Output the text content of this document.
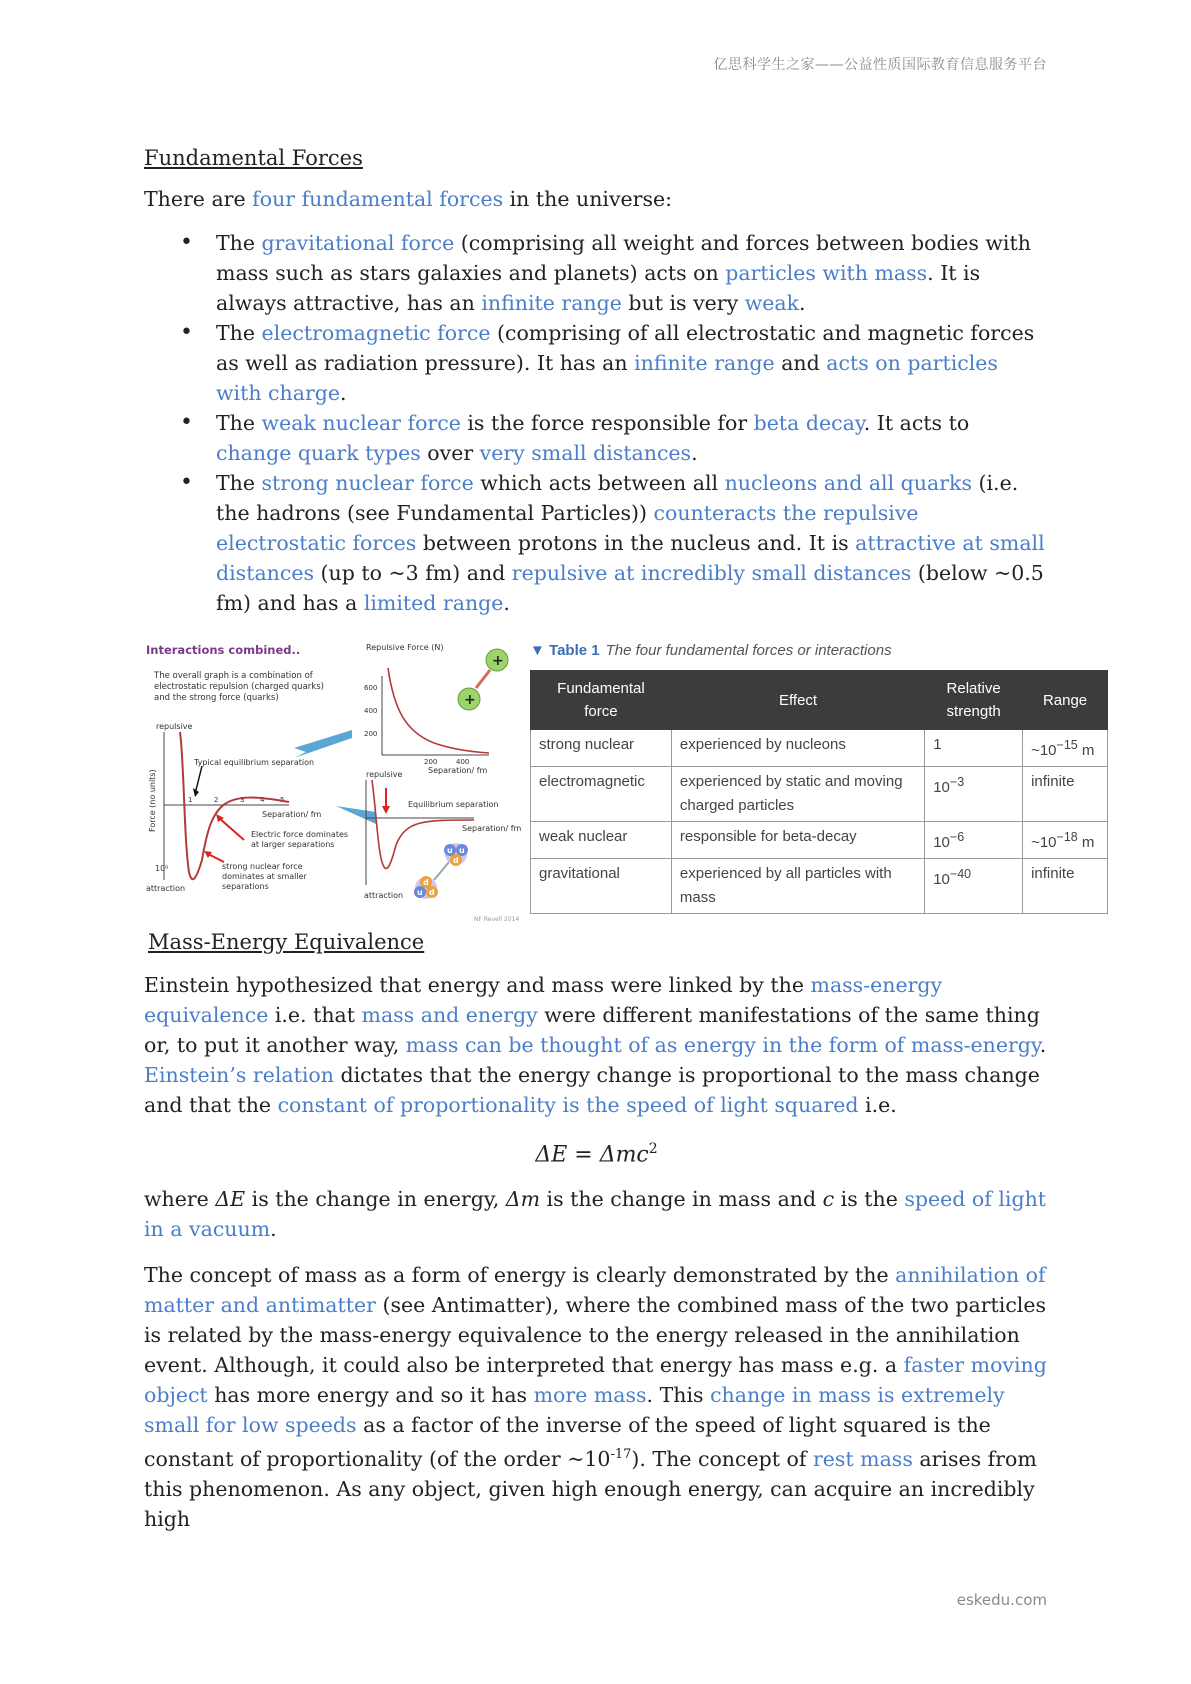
亿思科学生之家——公益性质国际教育信息服务平台
Fundamental Forces

There are four fundamental forces in the universe:

• The gravitational force (comprising all weight and forces between bodies with mass such as stars galaxies and planets) acts on particles with mass. It is always attractive, has an infinite range but is very weak.
• The electromagnetic force (comprising of all electrostatic and magnetic forces as well as radiation pressure). It has an infinite range and acts on particles with charge.
• The weak nuclear force is the force responsible for beta decay. It acts to change quark types over very small distances.
• The strong nuclear force which acts between all nucleons and all quarks (i.e. the hadrons (see Fundamental Particles)) counteracts the repulsive electrostatic forces between protons in the nucleus and. It is attractive at small distances (up to ~3 fm) and repulsive at incredibly small distances (below ~0.5 fm) and has a limited range.
Interactions combined..
The overall graph is a combination of electrostatic repulsion (charged quarks) and the strong force (quarks)
repulsive
attraction
Force (no units)
Typical equilibrium separation
Separation/ fm
Electric force dominates at larger separations
strong nuclear force dominates at smaller separations
10⁰
1	2	3 4 5
600
400
200
200	400
+
+
u u
d
d
u d
Repulsive Force (N)
Separation/ fm
repulsive
Equilibrium separation
Separation/ fm
attraction
NF Revell 2014
▼ Table 1 The four fundamental forces or interactions
Fundamental force	Effect	Relative strength	Range
strong nuclear	experienced by nucleons	1	$\sim 10^{-15}$ m
electromagnetic	experienced by static and moving charged particles	$10^{-3}$	infinite
weak nuclear	responsible for beta-decay	$10^{-6}$	$\sim 10^{-18}$ m
gravitational	experienced by all particles with mass	$10^{-40}$	infinite
Mass-Energy Equivalence

Einstein hypothesized that energy and mass were linked by the mass-energy equivalence i.e. that mass and energy were different manifestations of the same thing or, to put it another way, mass can be thought of as energy in the form of mass-energy. Einstein’s relation dictates that the energy change is proportional to the mass change and that the constant of proportionality is the speed of light squared i.e.

ΔE = Δmc$^2$

where ΔE is the change in energy, Δm is the change in mass and c is the speed of light in a vacuum.

The concept of mass as a form of energy is clearly demonstrated by the annihilation of matter and antimatter (see Antimatter), where the combined mass of the two particles is related by the mass-energy equivalence to the energy released in the annihilation event. Although, it could also be interpreted that energy has mass e.g. a faster moving object has more energy and so it has more mass. This change in mass is extremely small for low speeds as a factor of the inverse of the speed of light squared is the constant of proportionality (of the order $\sim 10^{-17}$). The concept of rest mass arises from this phenomenon. As any object, given high enough energy, can acquire an incredibly high

eskedu.com
